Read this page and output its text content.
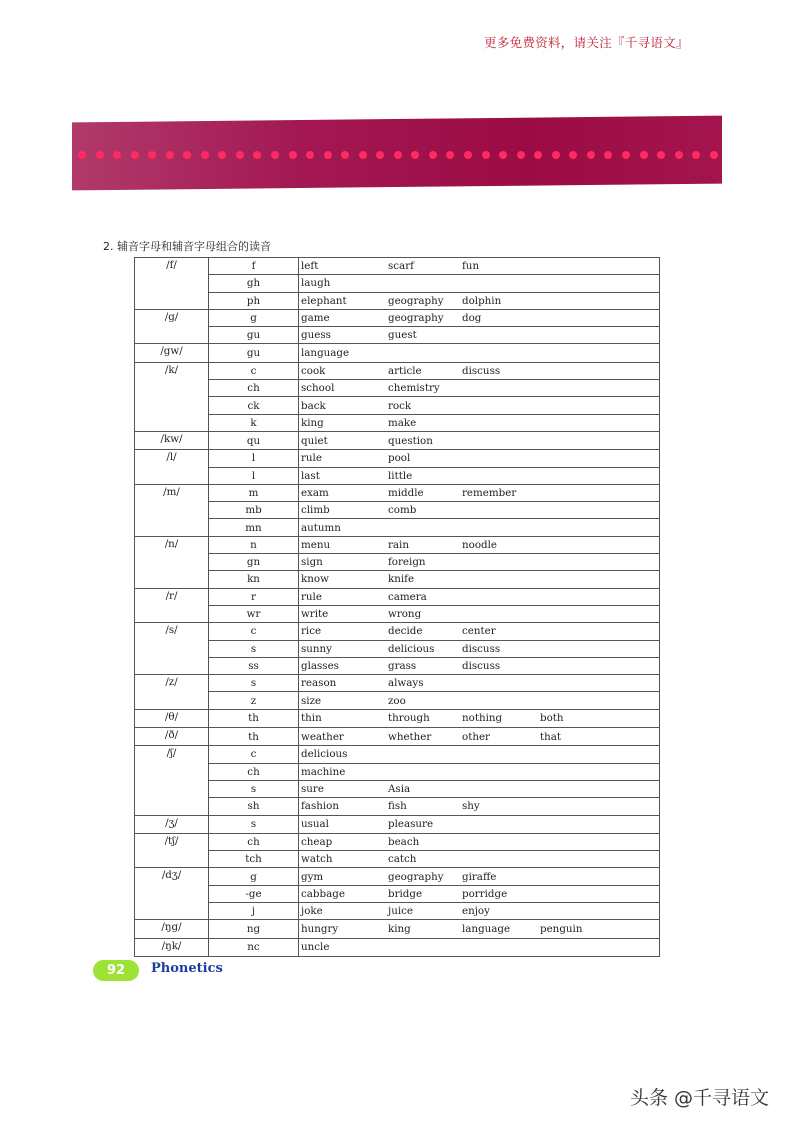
更多免费资料，请关注『千寻语文』
2. 辅音字母和辅音字母组合的读音
/f/	f	left scarf fun

	gh	laugh

	ph	elephant geography dolphin

/g/	g	game geography dog

	gu	guess guest

/gw/	gu	language

/k/	c	cook article discuss

	ch	school chemistry

	ck	back rock

	k	king make

/kw/	qu	quiet question

/l/	l	rule pool

	l	last little

/m/	m	exam middle remember

	mb	climb comb

	mn	autumn

/n/	n	menu rain noodle

	gn	sign foreign

	kn	know knife

/r/	r	rule camera

	wr	write wrong

/s/	c	rice decide center

	s	sunny delicious discuss

	ss	glasses grass discuss

/z/	s	reason always

	z	size zoo

/θ/	th	thin through nothing both

/ð/	th	weather whether other that

/ʃ/	c	delicious

	ch	machine

	s	sure Asia

	sh	fashion fish shy

/ʒ/	s	usual pleasure

/tʃ/	ch	cheap beach

	tch	watch catch

/dʒ/	g	gym geography giraffe

	-ge	cabbage bridge porridge

	j	joke juice enjoy

/ŋg/	ng	hungry king language penguin

/ŋk/	nc	uncle
92	Phonetics
头条 @千寻语文
